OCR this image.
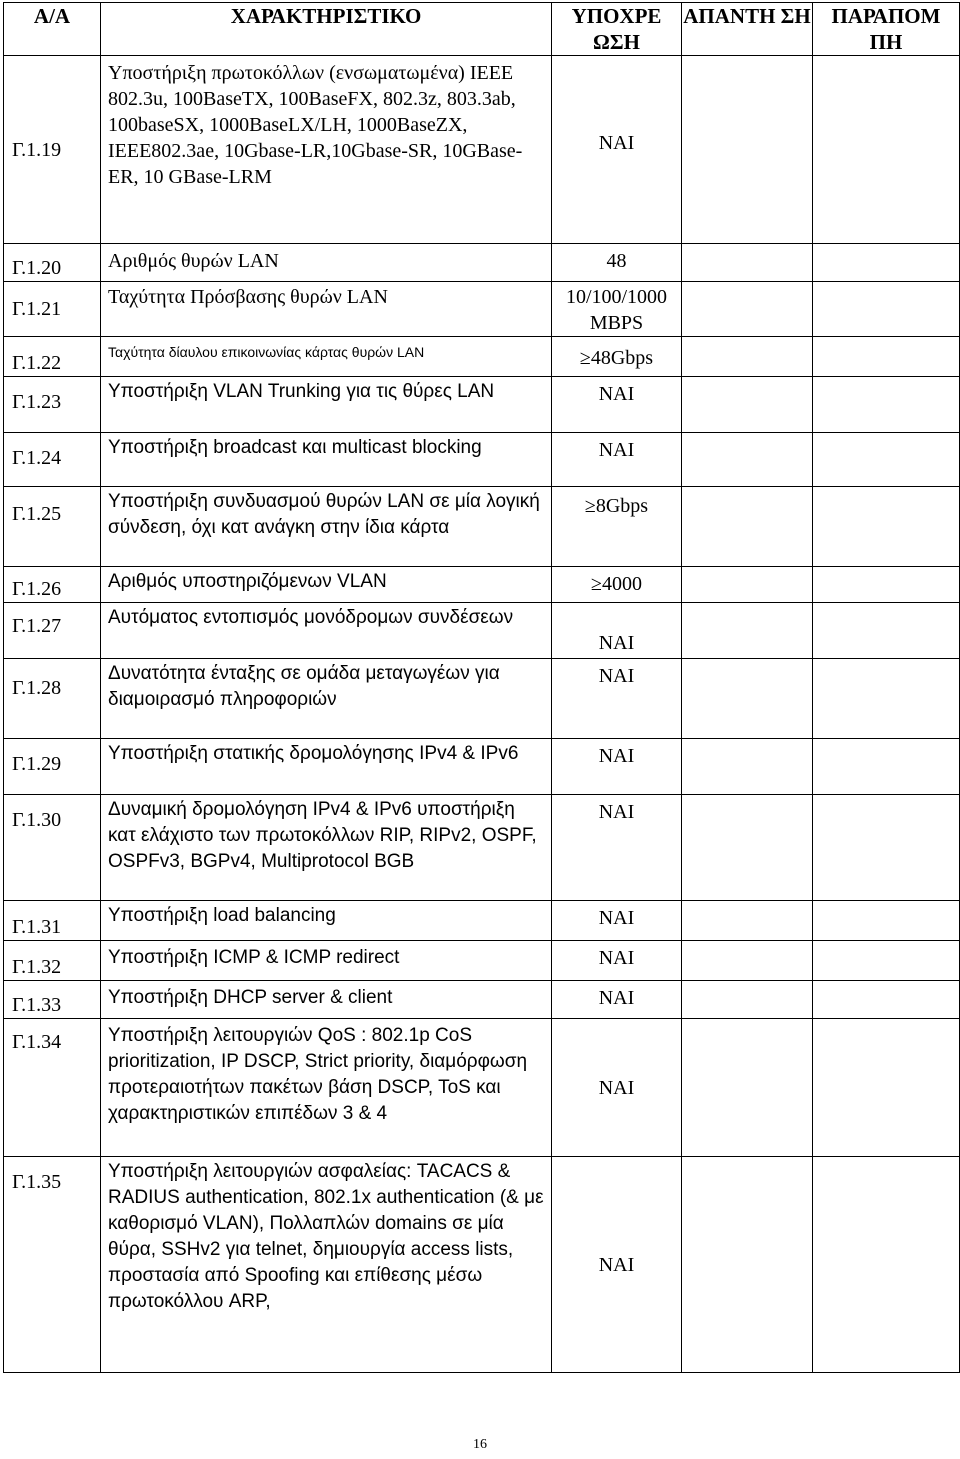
Α/Α	ΧΑΡΑΚΤΗΡΙΣΤΙΚΟ	ΥΠΟΧΡΕ ΩΣΗ	ΑΠΑΝΤΗ ΣΗ	ΠΑΡΑΠΟΜ ΠΗ
Γ.1.19	Υποστήριξη πρωτοκόλλων (ενσωματωμένα) IEEE 802.3u, 100BaseTX, 100BaseFX, 802.3z, 803.3ab, 100baseSX, 1000BaseLX/LH, 1000BaseZX, IEEE802.3ae, 10Gbase-LR,10Gbase-SR, 10GBase-ER, 10 GBase-LRM	ΝΑΙ		
Γ.1.20	Αριθμός θυρών LAN	48		
Γ.1.21	Ταχύτητα Πρόσβασης θυρών LAN	10/100/1000 MBPS		
Γ.1.22	Ταχύτητα δίαυλου επικοινωνίας κάρτας θυρών LAN	≥48Gbps		
Γ.1.23	Υποστήριξη VLAN Trunking για τις θύρες LAN	ΝΑΙ		
Γ.1.24	Υποστήριξη broadcast και multicast blocking	ΝΑΙ		
Γ.1.25	Υποστήριξη συνδυασμού θυρών LAN σε μία λογική σύνδεση, όχι κατ ανάγκη στην ίδια κάρτα	≥8Gbps		
Γ.1.26	Αριθμός υποστηριζόμενων VLAN	≥4000		
Γ.1.27	Αυτόματος εντοπισμός μονόδρομων συνδέσεων	ΝΑΙ		
Γ.1.28	Δυνατότητα ένταξης σε ομάδα μεταγωγέων για διαμοιρασμό πληροφοριών	ΝΑΙ		
Γ.1.29	Υποστήριξη στατικής δρομολόγησης IPv4 & IPv6	ΝΑΙ		
Γ.1.30	Δυναμική δρομολόγηση IPv4 & IPv6 υποστήριξη κατ ελάχιστο των πρωτοκόλλων RIP, RIPv2, OSPF, OSPFv3, BGPv4, Multiprotocol BGB	ΝΑΙ		
Γ.1.31	Υποστήριξη load balancing	ΝΑΙ		
Γ.1.32	Υποστήριξη ICMP & ICMP redirect	ΝΑΙ		
Γ.1.33	Υποστήριξη DHCP server & client	ΝΑΙ		
Γ.1.34	Υποστήριξη λειτουργιών QoS : 802.1p CoS prioritization, IP DSCP, Strict priority, διαμόρφωση προτεραιοτήτων πακέτων βάση DSCP, ToS και χαρακτηριστικών επιπέδων 3 & 4	ΝΑΙ		
Γ.1.35	Υποστήριξη λειτουργιών ασφαλείας: TACACS & RADIUS authentication, 802.1x authentication (& με καθορισμό VLAN), Πολλαπλών domains σε μία θύρα, SSHv2 για telnet, δημιουργία access lists, προστασία από Spoofing και επίθεσης μέσω πρωτοκόλλου ARP,	ΝΑΙ		
16
